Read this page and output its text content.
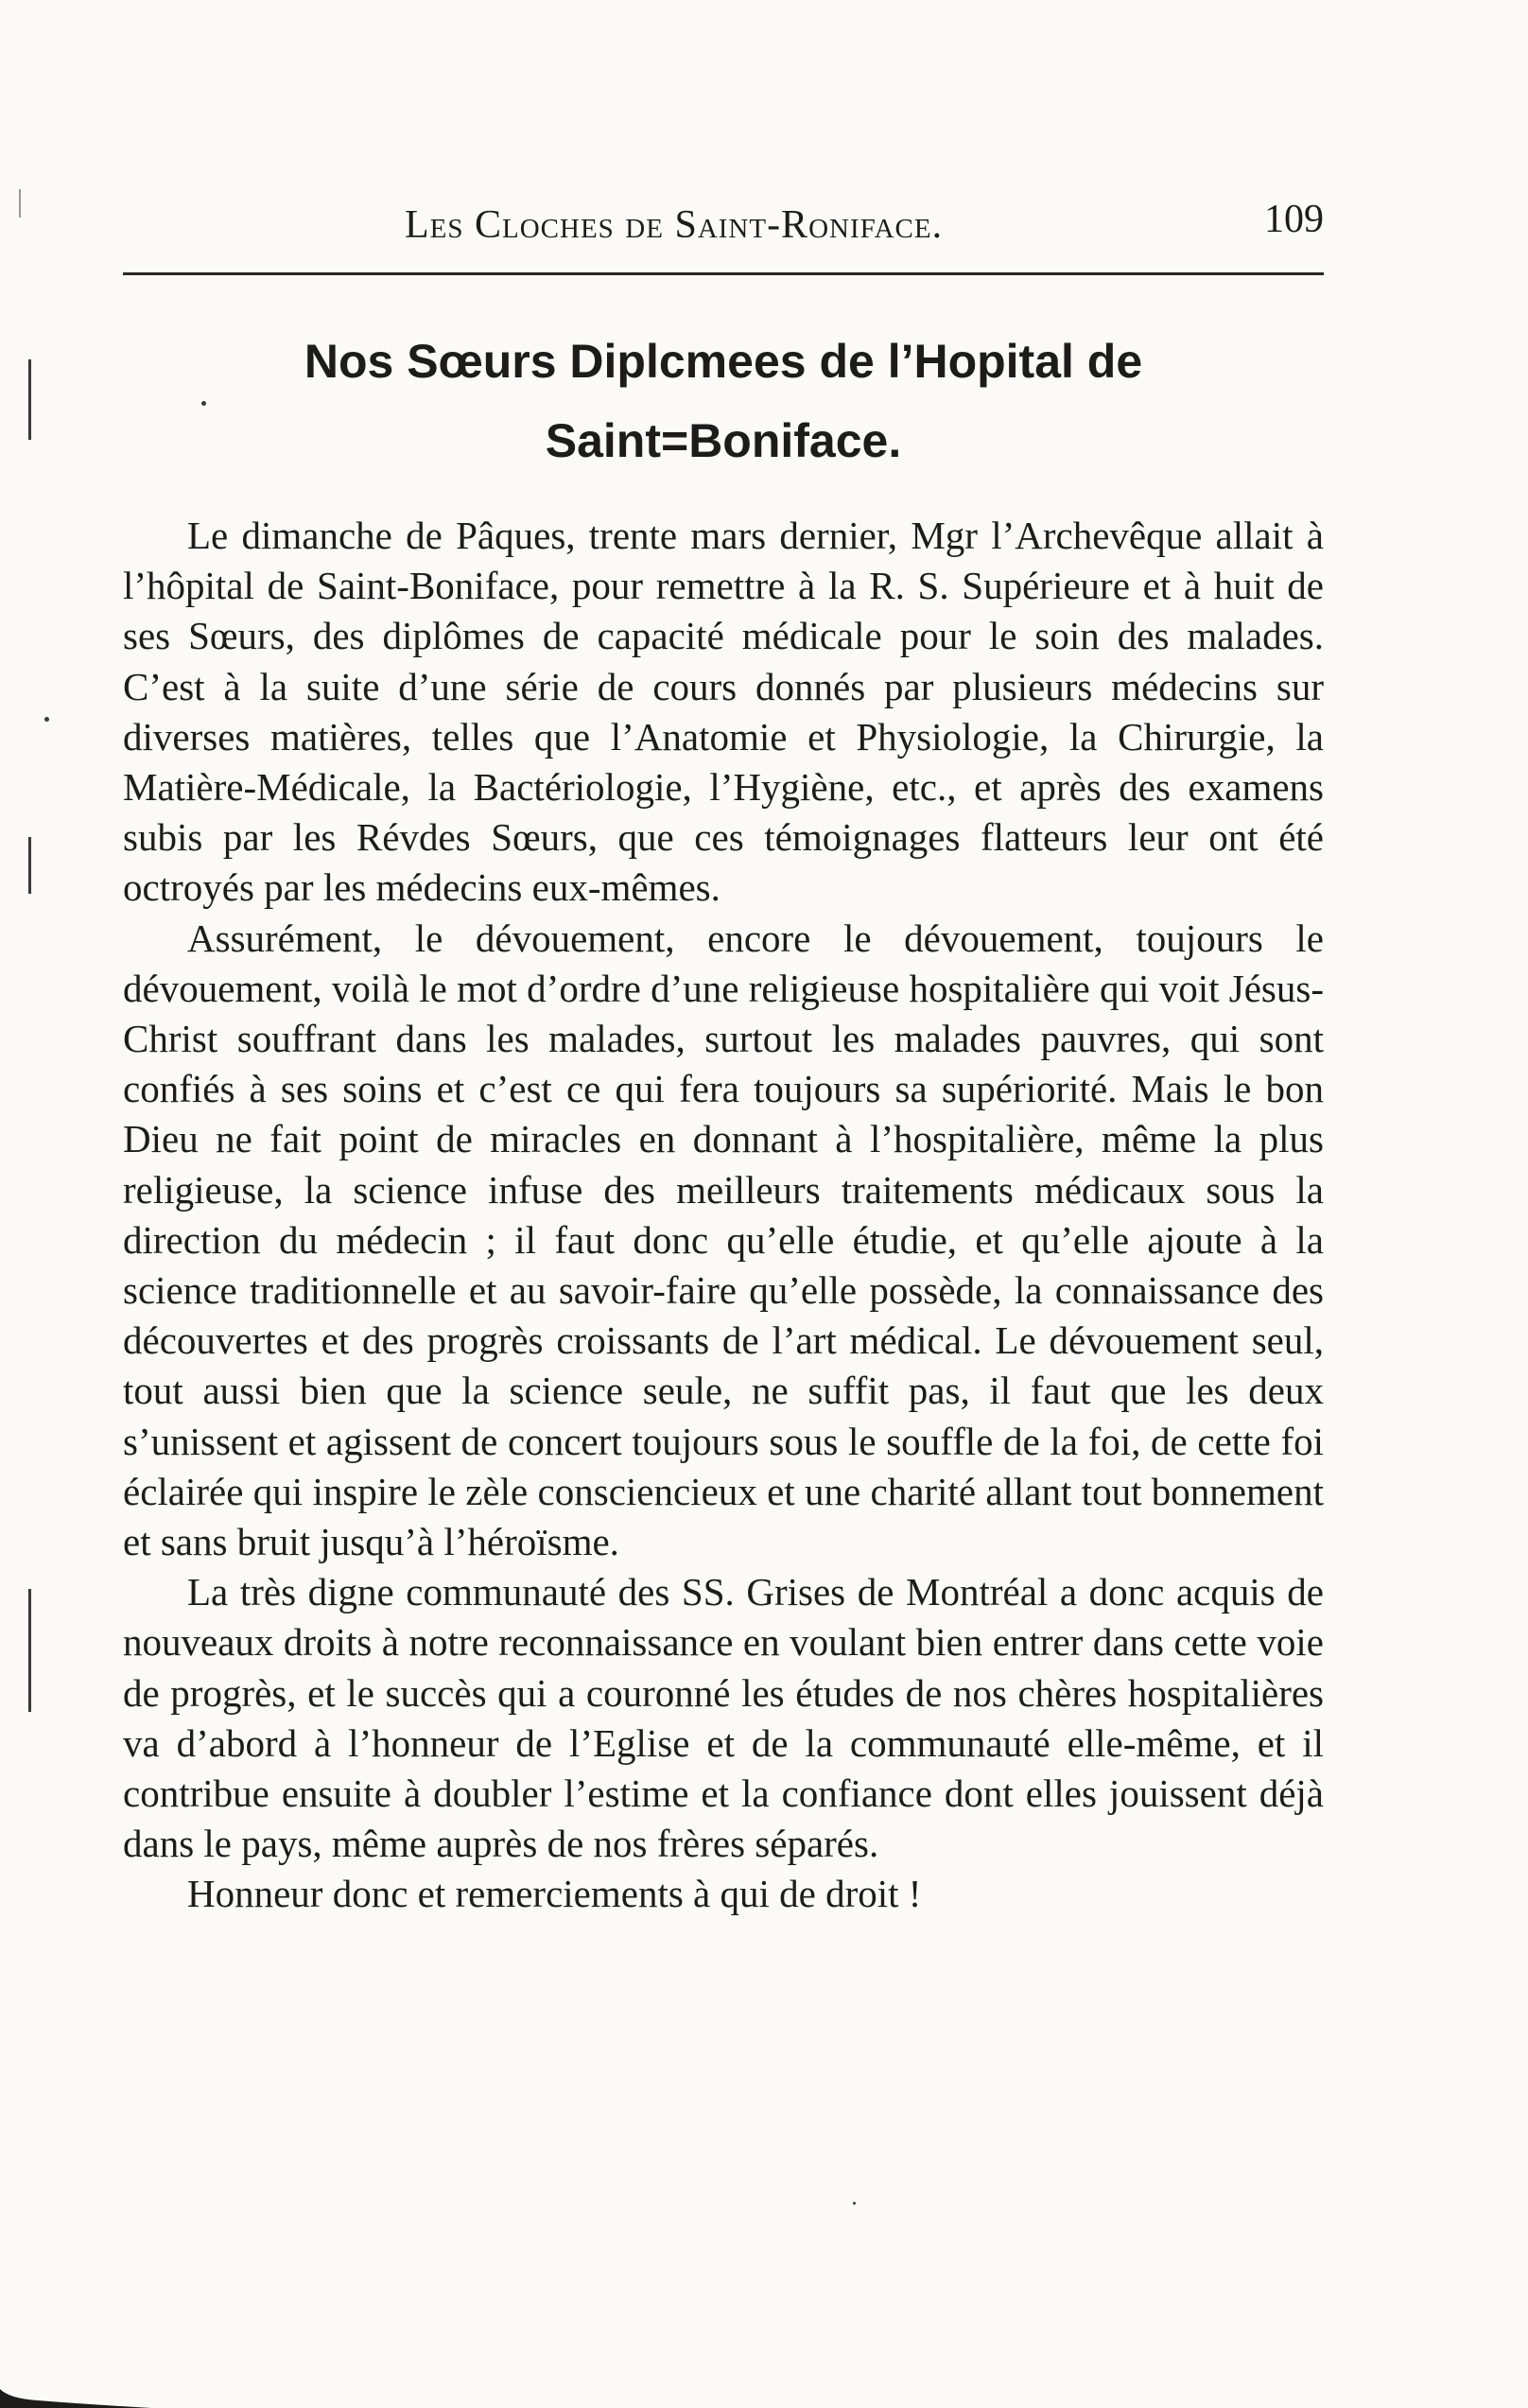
Les Cloches de Saint-Roniface.	109
Nos Sœurs Diplcmees de l’Hopital de
Saint=Boniface.

Le dimanche de Pâques, trente mars dernier, Mgr l’Archevêque allait à l’hôpital de Saint-Boniface, pour remettre à la R. S. Supérieure et à huit de ses Sœurs, des diplômes de capacité médicale pour le soin des malades. C’est à la suite d’une série de cours donnés par plusieurs médecins sur diverses matières, telles que l’Anatomie et Physiologie, la Chirurgie, la Matière-Médicale, la Bactériologie, l’Hygiène, etc., et après des examens subis par les Révdes Sœurs, que ces témoignages flatteurs leur ont été octroyés par les médecins eux-mêmes.

Assurément, le dévouement, encore le dévouement, toujours le dévouement, voilà le mot d’ordre d’une religieuse hospitalière qui voit Jésus-Christ souffrant dans les malades, surtout les malades pauvres, qui sont confiés à ses soins et c’est ce qui fera toujours sa supériorité. Mais le bon Dieu ne fait point de miracles en donnant à l’hospitalière, même la plus religieuse, la science infuse des meilleurs traitements médicaux sous la direction du médecin ; il faut donc qu’elle étudie, et qu’elle ajoute à la science traditionnelle et au savoir-faire qu’elle possède, la connaissance des découvertes et des progrès croissants de l’art médical. Le dévouement seul, tout aussi bien que la science seule, ne suffit pas, il faut que les deux s’unissent et agissent de concert toujours sous le souffle de la foi, de cette foi éclairée qui inspire le zèle consciencieux et une charité allant tout bonnement et sans bruit jusqu’à l’héroïsme.

La très digne communauté des SS. Grises de Montréal a donc acquis de nouveaux droits à notre reconnaissance en voulant bien entrer dans cette voie de progrès, et le succès qui a couronné les études de nos chères hospitalières va d’abord à l’honneur de l’Eglise et de la communauté elle-même, et il contribue ensuite à doubler l’estime et la confiance dont elles jouissent déjà dans le pays, même auprès de nos frères séparés.

Honneur donc et remerciements à qui de droit !
